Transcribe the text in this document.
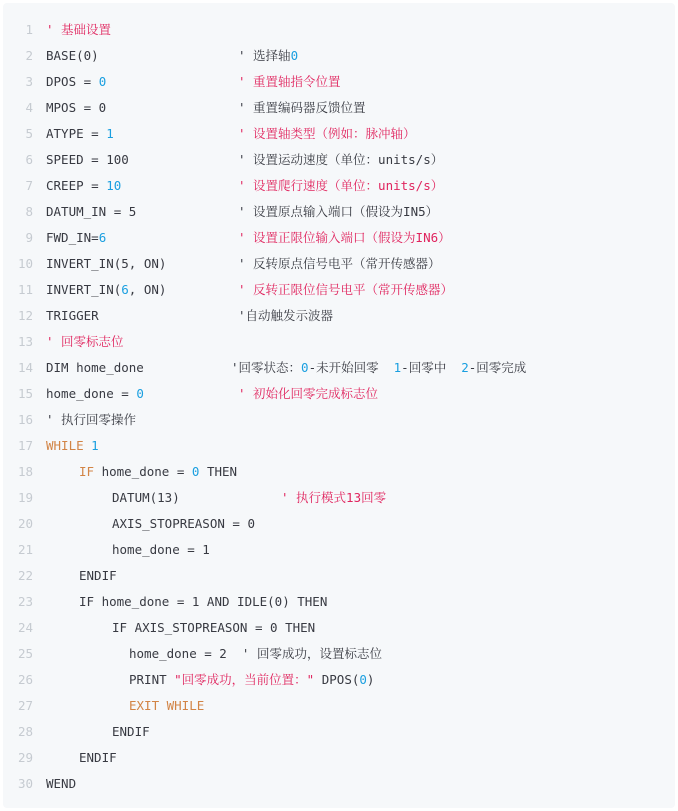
1 ' 基础设置
2 BASE(0)	' 选择轴0
3 DPOS = 0	' 重置轴指令位置
4 MPOS = 0	' 重置编码器反馈位置
5 ATYPE = 1	' 设置轴类型（例如：脉冲轴）
6 SPEED = 100	' 设置运动速度（单位：units/s）
7 CREEP = 10	' 设置爬行速度（单位：units/s）
8 DATUM_IN = 5	' 设置原点输入端口（假设为IN5）
9 FWD_IN=6	' 设置正限位输入端口（假设为IN6）
10 INVERT_IN(5, ON)	' 反转原点信号电平（常开传感器）
11 INVERT_IN(6, ON)	' 反转正限位信号电平（常开传感器）
12 TRIGGER	'自动触发示波器
13 ' 回零标志位
14 DIM home_done	'回零状态：0-未开始回零  1-回零中  2-回零完成
15 home_done = 0	' 初始化回零完成标志位
16 ' 执行回零操作
17 WHILE 1
18	IF home_done = 0 THEN
19	DATUM(13)	' 执行模式13回零
20	AXIS_STOPREASON = 0
21	home_done = 1
22	ENDIF
23	IF home_done = 1 AND IDLE(0) THEN
24	IF AXIS_STOPREASON = 0 THEN
25	home_done = 2  ' 回零成功，设置标志位
26	PRINT "回零成功，当前位置：" DPOS(0)
27	EXIT WHILE
28	ENDIF
29	ENDIF
30 WEND
